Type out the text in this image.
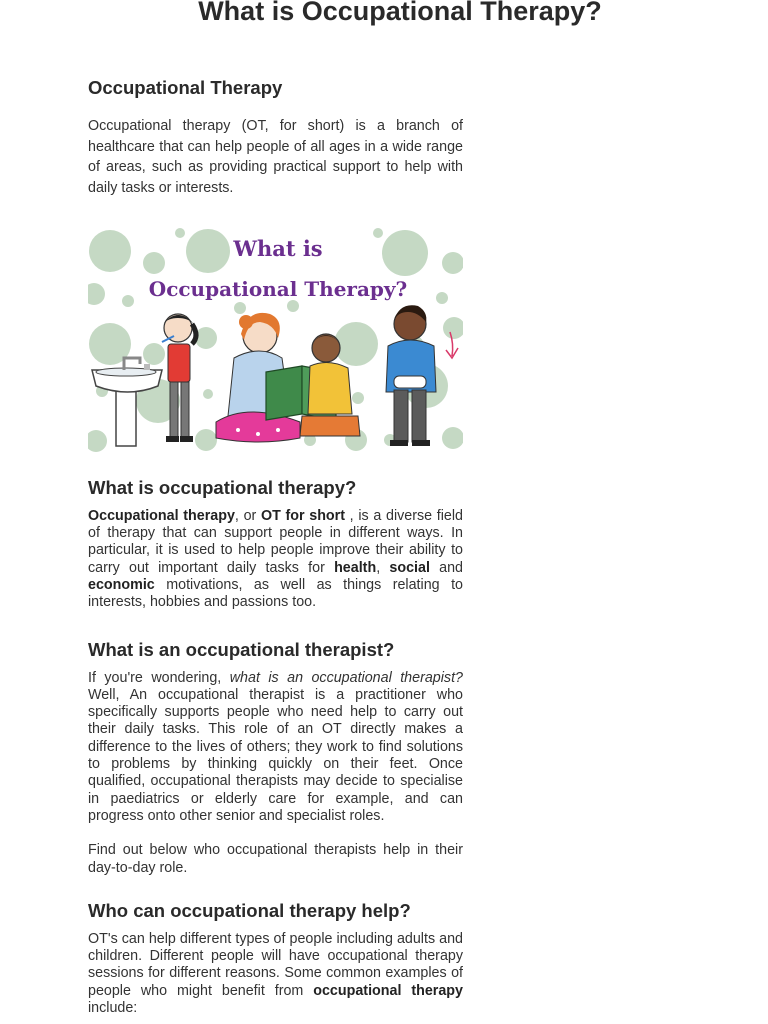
What is Occupational Therapy?
Occupational Therapy

Occupational therapy (OT, for short) is a branch of healthcare that can help people of all ages in a wide range of areas, such as providing practical support to help with daily tasks or interests.

What is
Occupational Therapy?
What is occupational therapy?

Occupational therapy, or OT for short , is a diverse field of therapy that can support people in different ways. In particular, it is used to help people improve their ability to carry out important daily tasks for health, social and economic motivations, as well as things relating to interests, hobbies and passions too.

What is an occupational therapist?

If you're wondering, what is an occupational therapist? Well, An occupational therapist is a practitioner who specifically supports people who need help to carry out their daily tasks. This role of an OT directly makes a difference to the lives of others; they work to find solutions to problems by thinking quickly on their feet. Once qualified, occupational therapists may decide to specialise in paediatrics or elderly care for example, and can progress onto other senior and specialist roles.

Find out below who occupational therapists help in their day-to-day role.

Who can occupational therapy help?

OT's can help different types of people including adults and children. Different people will have occupational therapy sessions for different reasons. Some common examples of people who might benefit from occupational therapy include:
